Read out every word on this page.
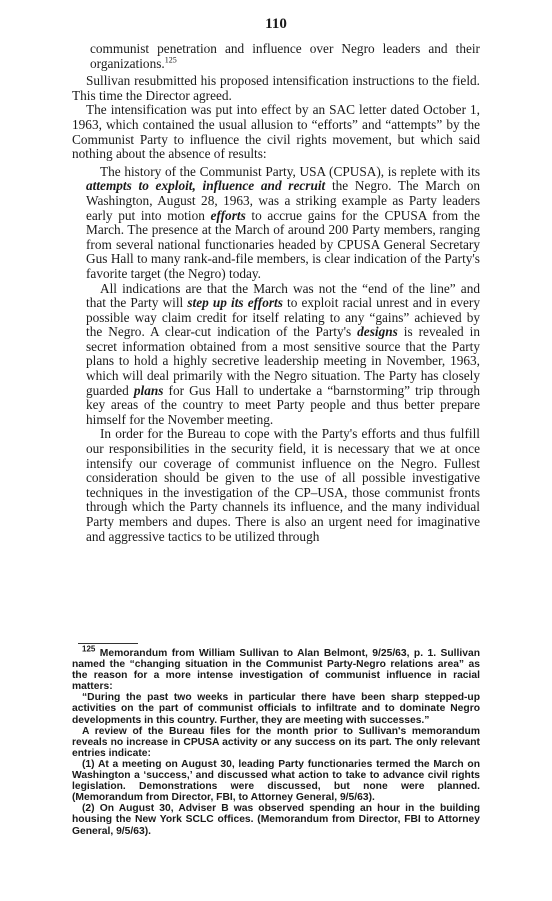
110

communist penetration and influence over Negro leaders and their organizations.$^{125}$

Sullivan resubmitted his proposed intensification instructions to the field. This time the Director agreed.

The intensification was put into effect by an SAC letter dated October 1, 1963, which contained the usual allusion to “efforts” and “attempts” by the Communist Party to influence the civil rights movement, but which said nothing about the absence of results:

The history of the Communist Party, USA (CPUSA), is replete with its attempts to exploit, influence and recruit the Negro. The March on Washington, August 28, 1963, was a striking example as Party leaders early put into motion efforts to accrue gains for the CPUSA from the March. The presence at the March of around 200 Party members, ranging from several national functionaries headed by CPUSA General Secretary Gus Hall to many rank-and-file members, is clear indication of the Party's favorite target (the Negro) today.

All indications are that the March was not the “end of the line” and that the Party will step up its efforts to exploit racial unrest and in every possible way claim credit for itself relating to any “gains” achieved by the Negro. A clear-cut indication of the Party's designs is revealed in secret information obtained from a most sensitive source that the Party plans to hold a highly secretive leadership meeting in November, 1963, which will deal primarily with the Negro situation. The Party has closely guarded plans for Gus Hall to undertake a “barnstorming” trip through key areas of the country to meet Party people and thus better prepare himself for the November meeting.

In order for the Bureau to cope with the Party's efforts and thus fulfill our responsibilities in the security field, it is necessary that we at once intensify our coverage of communist influence on the Negro. Fullest consideration should be given to the use of all possible investigative techniques in the investigation of the CP–USA, those communist fronts through which the Party channels its influence, and the many individual Party members and dupes. There is also an urgent need for imaginative and aggressive tactics to be utilized through

$^{125}$ Memorandum from William Sullivan to Alan Belmont, 9/25/63, p. 1. Sullivan named the “changing situation in the Communist Party-Negro relations area” as the reason for a more intense investigation of communist influence in racial matters:

“During the past two weeks in particular there have been sharp stepped-up activities on the part of communist officials to infiltrate and to dominate Negro developments in this country. Further, they are meeting with successes.”

A review of the Bureau files for the month prior to Sullivan's memorandum reveals no increase in CPUSA activity or any success on its part. The only relevant entries indicate:

(1) At a meeting on August 30, leading Party functionaries termed the March on Washington a ‘success,’ and discussed what action to take to advance civil rights legislation. Demonstrations were discussed, but none were planned. (Memorandum from Director, FBI, to Attorney General, 9/5/63).

(2) On August 30, Adviser B was observed spending an hour in the building housing the New York SCLC offices. (Memorandum from Director, FBI to Attorney General, 9/5/63).
